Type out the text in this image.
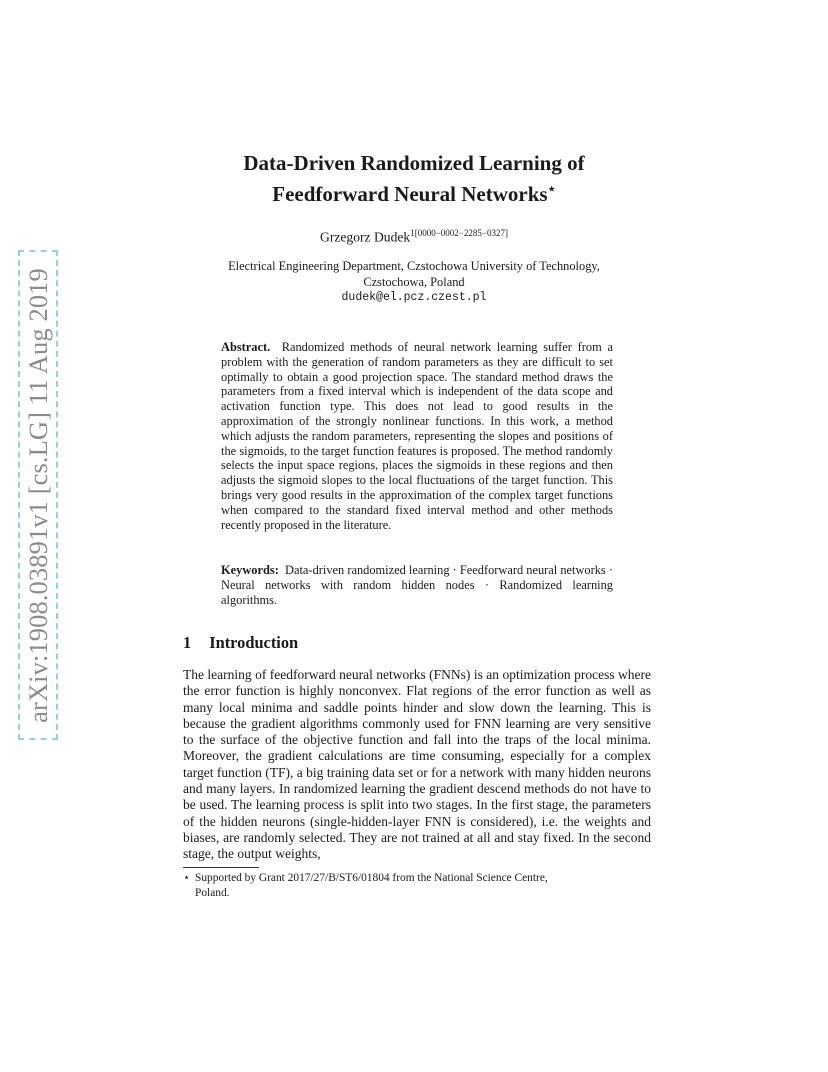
arXiv:1908.03891v1 [cs.LG] 11 Aug 2019
Data-Driven Randomized Learning of
Feedforward Neural Networks⋆
Grzegorz Dudek$^{1[0000-0002-2285-0327]}$
Electrical Engineering Department, Czstochowa University of Technology,
Czstochowa, Poland
dudek@el.pcz.czest.pl
Abstract. Randomized methods of neural network learning suffer from a problem with the generation of random parameters as they are difficult to set optimally to obtain a good projection space. The standard method draws the parameters from a fixed interval which is independent of the data scope and activation function type. This does not lead to good results in the approximation of the strongly nonlinear functions. In this work, a method which adjusts the random parameters, representing the slopes and positions of the sigmoids, to the target function features is proposed. The method randomly selects the input space regions, places the sigmoids in these regions and then adjusts the sigmoid slopes to the local fluctuations of the target function. This brings very good results in the approximation of the complex target functions when compared to the standard fixed interval method and other methods recently proposed in the literature.
Keywords: Data-driven randomized learning · Feedforward neural networks · Neural networks with random hidden nodes · Randomized learning algorithms.
1 Introduction

The learning of feedforward neural networks (FNNs) is an optimization process where the error function is highly nonconvex. Flat regions of the error function as well as many local minima and saddle points hinder and slow down the learning. This is because the gradient algorithms commonly used for FNN learning are very sensitive to the surface of the objective function and fall into the traps of the local minima. Moreover, the gradient calculations are time consuming, especially for a complex target function (TF), a big training data set or for a network with many hidden neurons and many layers. In randomized learning the gradient descend methods do not have to be used. The learning process is split into two stages. In the first stage, the parameters of the hidden neurons (single-hidden-layer FNN is considered), i.e. the weights and biases, are randomly selected. They are not trained at all and stay fixed. In the second stage, the output weights,

⋆ Supported by Grant 2017/27/B/ST6/01804 from the National Science Centre,
Poland.
